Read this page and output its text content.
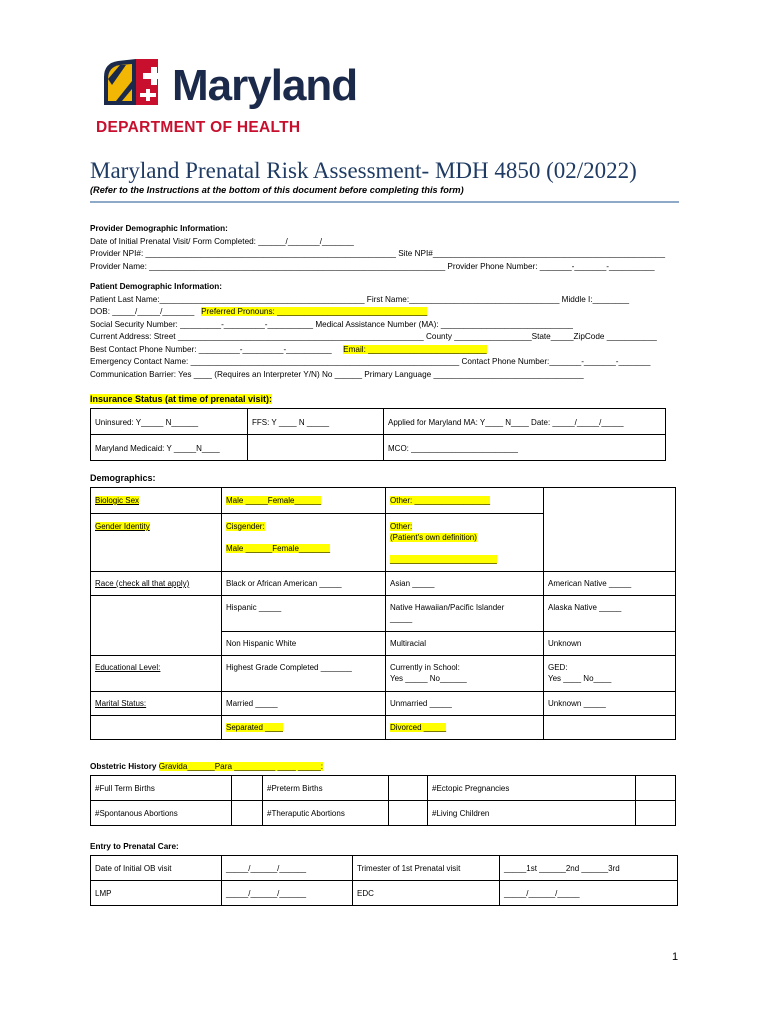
Maryland
DEPARTMENT OF HEALTH
Maryland Prenatal Risk Assessment- MDH 4850 (02/2022)
(Refer to the Instructions at the bottom of this document before completing this form)
Provider Demographic Information:
Date of Initial Prenatal Visit/ Form Completed: ______/_______/_______
Provider NPI#: _______________________________________________________ Site NPI#___________________________________________________
Provider Name: _________________________________________________________________ Provider Phone Number: _______-_______-__________
Patient Demographic Information:
Patient Last Name:_____________________________________________ First Name:_________________________________ Middle I:________
DOB: _____/_____/_______ Preferred Pronouns: _________________________________
Social Security Number: _________-_________-__________ Medical Assistance Number (MA): _____________________________
Current Address: Street ______________________________________________________ County _________________State_____ZipCode ___________
Best Contact Phone Number: _________-_________-__________ Email: __________________________
Emergency Contact Name: ___________________________________________________________ Contact Phone Number:_______-_______-_______
Communication Barrier: Yes ____ (Requires an Interpreter Y/N) No ______ Primary Language _________________________________
Insurance Status (at time of prenatal visit):
Uninsured: Y_____ N______	FFS: Y ____ N _____	Applied for Maryland MA: Y____ N____ Date: _____/_____/_____
Maryland Medicaid: Y _____N____		MCO: ________________________
Demographics:
Biologic Sex	Male _____Female______	Other: _________________	
Gender Identity	Cisgender:

Male ______Female_______	Other:
(Patient's own definition)

________________________	
Race (check all that apply)	Black or African American _____	Asian _____	American Native _____
	Hispanic _____	Native Hawaiian/Pacific Islander
_____	Alaska Native _____
	Non Hispanic White	Multiracial	Unknown
Educational Level:	Highest Grade Completed _______	Currently in School:
Yes _____ No______	GED:
Yes ____ No____
Marital Status:	Married _____	Unmarried _____	Unknown _____
	Separated ____	Divorced _____	
Obstetric History Gravida______Para _________ ____ _____:
#Full Term Births		#Preterm Births		#Ectopic Pregnancies	
#Spontanous Abortions		#Theraputic Abortions		#Living Children	
Entry to Prenatal Care:
Date of Initial OB visit	_____/______/______	Trimester of 1st Prenatal visit	_____1st ______2nd ______3rd
LMP	_____/______/______	EDC	_____/______/_____
1
